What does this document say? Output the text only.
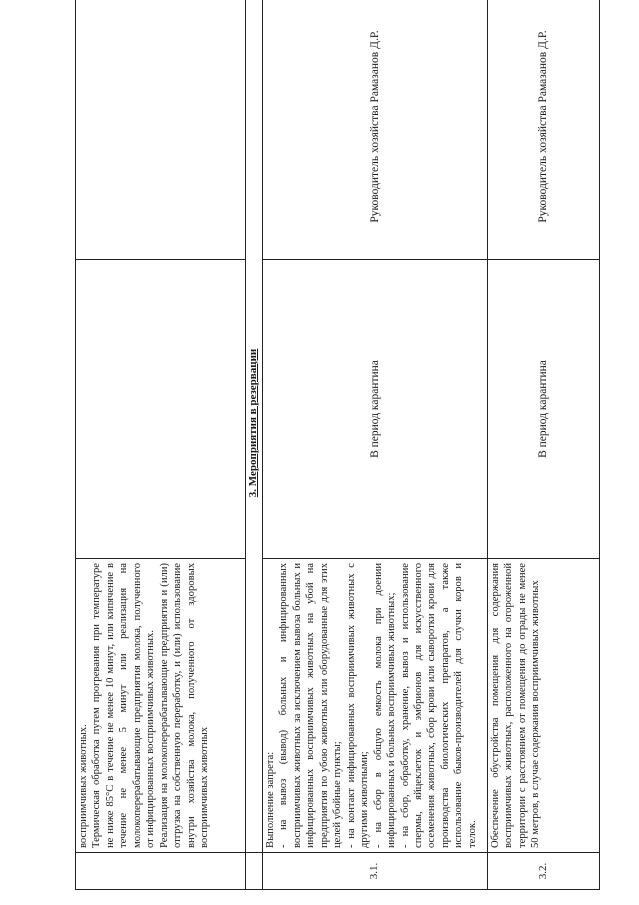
	восприимчивых животных. Термическая обработка путем прогревания при температуре не ниже 85°С в течение не менее 10 минут, или кипячение в течение не менее 5 минут или реализация на молокоперерабатывающие предприятия молока, полученного от инфицированных восприимчивых животных. Реализация на молокоперерабатывающие предприятия и (или) отгрузка на собственную переработку, и (или) использование внутри хозяйства молока, полученного от здоровых восприимчивых животных		

	3. Мероприятия в резервации		

3.1.	Выполнение запрета: - на вывоз (вывод) больных и инфицированных восприимчивых животных за исключением вывоза больных и инфицированных восприимчивых животных на убой на предприятия по убою животных или оборудованные для этих целей убойные пункты; - на контакт инфицированных восприимчивых животных с другими животными; - на сбор в общую емкость молока при доении инфицированных и больных восприимчивых животных; - на сбор, обработку, хранение, вывоз и использование спермы, яйцеклеток и эмбрионов для искусственного осеменения животных, сбор крови или сыворотки крови для производства биологических препаратов, а также использование быков-производителей для случки коров и телок.	В период карантина	Руководитель хозяйства Рамазанов Д.Р.
3.2.	Обеспечение обустройства помещения для содержания восприимчивых животных, расположенного на огороженной территории с расстоянием от помещения до ограды не менее 50 метров, в случае содержания восприимчивых животных	В период карантина	Руководитель хозяйства Рамазанов Д.Р.
